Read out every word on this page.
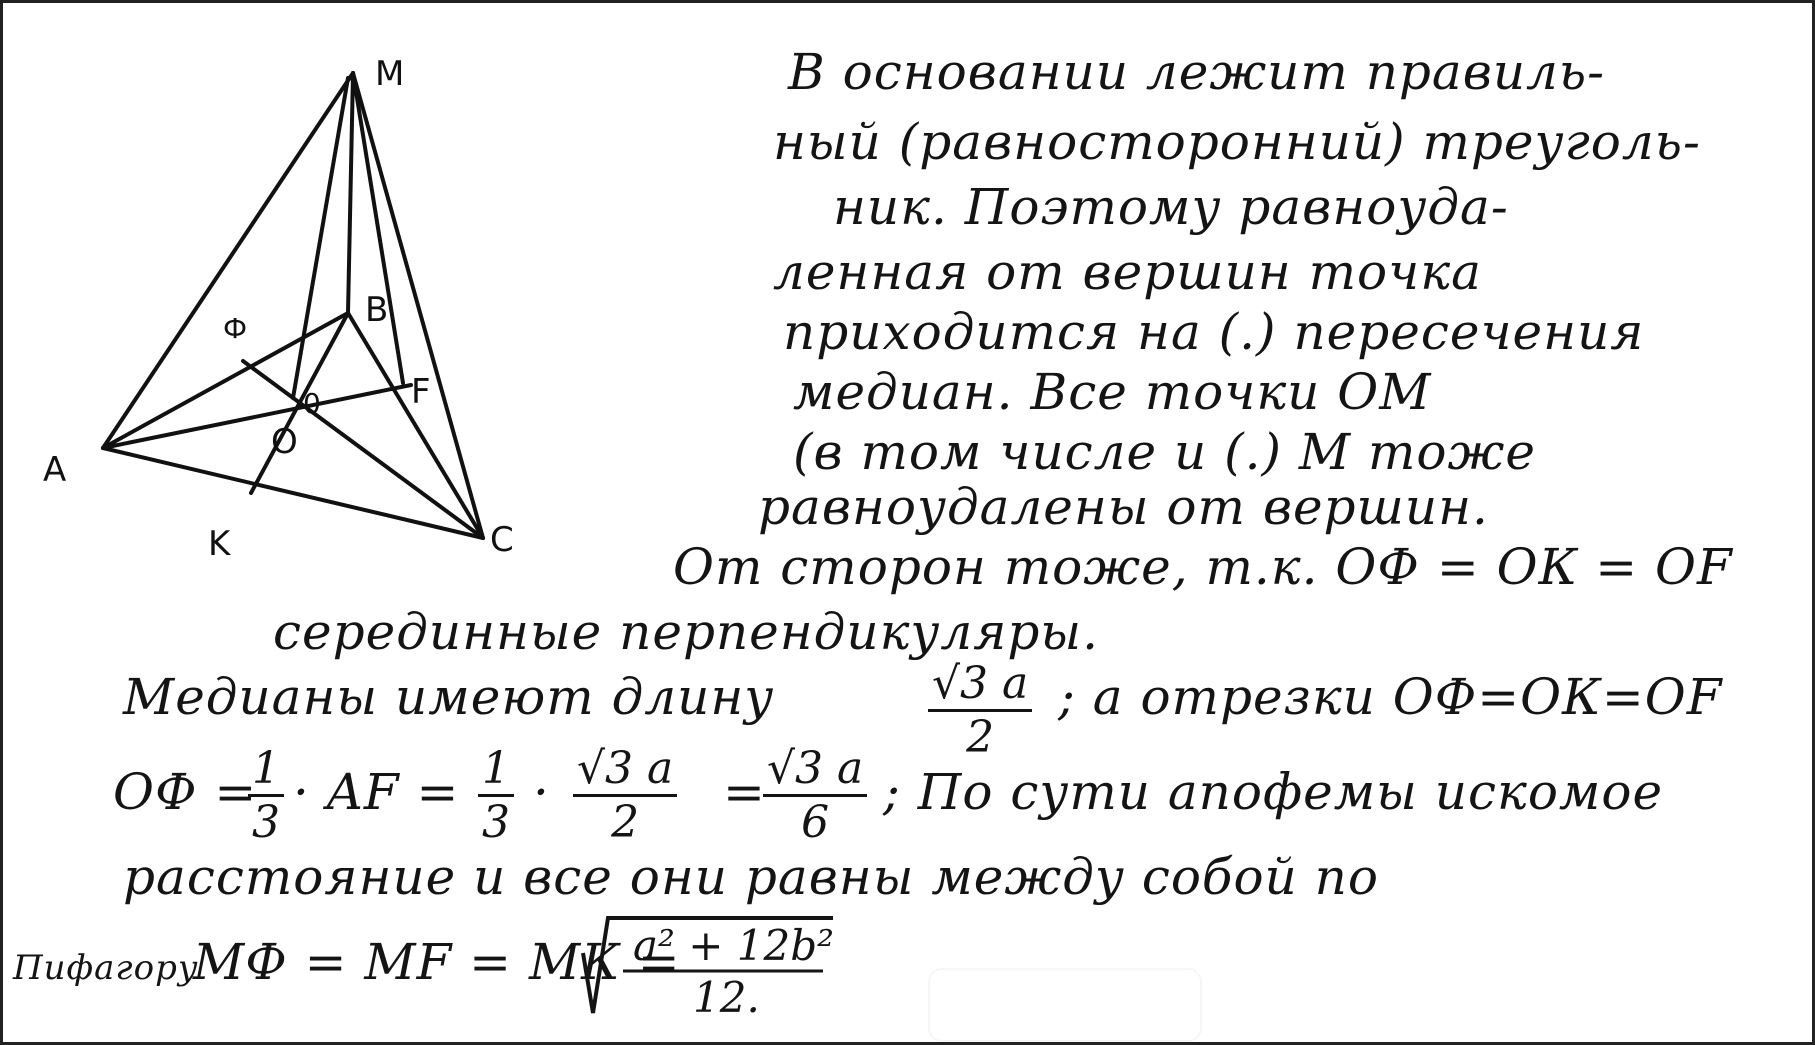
M
B
Ф
A
F
0
O
K	C
В основании лежит правиль-
ный (равносторонний) треуголь-
ник. Поэтому равноуда-
ленная от вершин точка
приходится на (.) пересечения
медиан. Все точки ОМ
(в том числе и (.) М тоже
равноудалены от вершин.
От сторон тоже, т.к. ОФ = ОК = ОF
серединные перпендикуляры.
Медианы имеют длину	$\frac{√3 a}{2}$ ; а отрезки ОФ=ОК=ОF
ОФ =
$\frac{1}{3}$ · AF = $\frac{1}{3} \cdot \frac{√3 a}{2}$ =
$\frac{√3 a}{6}$ ; По сути апофемы искомое
расстояние и все они равны между собой по
Пифагору
МФ = МF = МК =
a² + 12b²
12.
